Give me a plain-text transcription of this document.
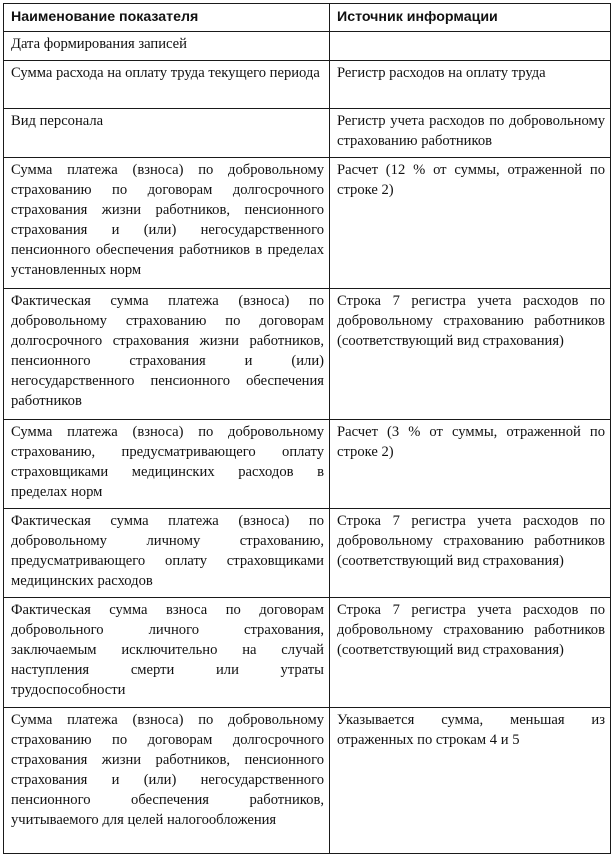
Наименование показателя	Источник информации
Дата формирования записей	
Сумма расхода на оплату труда текущего периода	Регистр расходов на оплату труда
Вид персонала	Регистр учета расходов по добровольному страхованию работников
Сумма платежа (взноса) по добровольному страхованию по договорам долгосрочного страхования жизни работников, пенсионного страхования и (или) негосударственного пенсионного обеспечения работников в пределах установленных норм	Расчет (12 % от суммы, отраженной по строке 2)
Фактическая сумма платежа (взноса) по добровольному страхованию по договорам долгосрочного страхования жизни работников, пенсионного страхования и (или) негосударственного пенсионного обеспечения работников	Строка 7 регистра учета расходов по добровольному страхованию работников (соответствующий вид страхования)
Сумма платежа (взноса) по добровольному страхованию, предусматривающего оплату страховщиками медицинских расходов в пределах норм	Расчет (3 % от суммы, отраженной по строке 2)
Фактическая сумма платежа (взноса) по добровольному личному страхованию, предусматривающего оплату страховщиками медицинских расходов	Строка 7 регистра учета расходов по добровольному страхованию работников (соответствующий вид страхования)
Фактическая сумма взноса по договорам добровольного личного страхования, заключаемым исключительно на случай наступления смерти или утраты трудоспособности	Строка 7 регистра учета расходов по добровольному страхованию работников (соответствующий вид страхования)
Сумма платежа (взноса) по добровольному страхованию по договорам долгосрочного страхования жизни работников, пенсионного страхования и (или) негосударственного пенсионного обеспечения работников, учитываемого для целей налогообложения	Указывается сумма, меньшая из отраженных по строкам 4 и 5
